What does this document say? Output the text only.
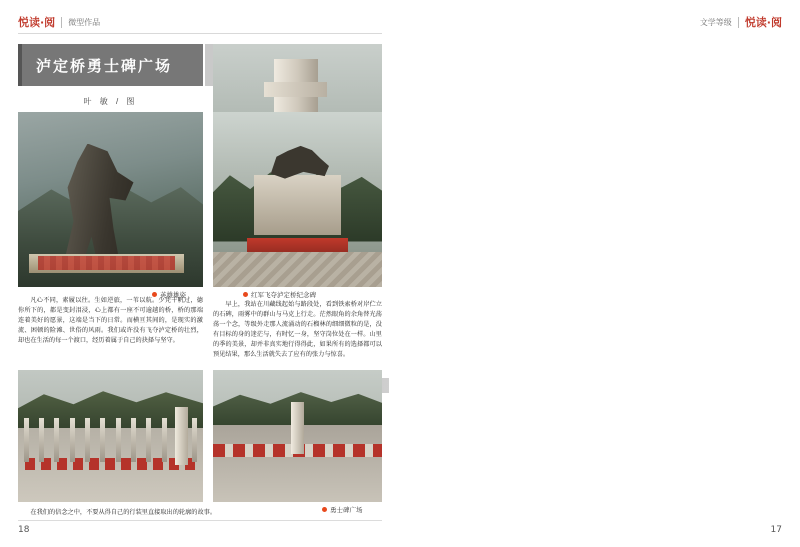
悦读·阅 微型作品
泸定桥勇士碑广场
叶 敏 / 图
英雄雄姿	红军飞夺泸定桥纪念碑

凡心不同，素履以往。生如逆旅，一苇以航。少凭千帆过，德你所下的，都是变封泪浸，心上都有一座不可逾越的桥，桥的那端连着美好的愿景，这端是当下的日常。而横亘其间的，是现实的激流、困顿的险滩、世俗的风雨。我们或许没有飞夺泸定桥的壮烈，却也在生活的每一个渡口，经历着属于自己的抉择与坚守。

早上，我站在川藏线起始与路段处，看到铁索桥对岸伫立的石碑，雨雾中的群山与马克上行走。茫然眼角的余角替光荡荡一个念，等级外走那人流涌动的石榴林的细细微粒的是，没有目标的身的迷茫与，有时忆一身，坚守岗位处在一样。山里的季的美景，却并非真实地行得得此，如果所有的选择都可以预见结果，那么生活就失去了应有的张力与惊喜。

在我们的信念之中，不要从得自己的行装里直接取出的轮廓的故事。	勇士碑广场
18
悦读·阅
文学等级

17
